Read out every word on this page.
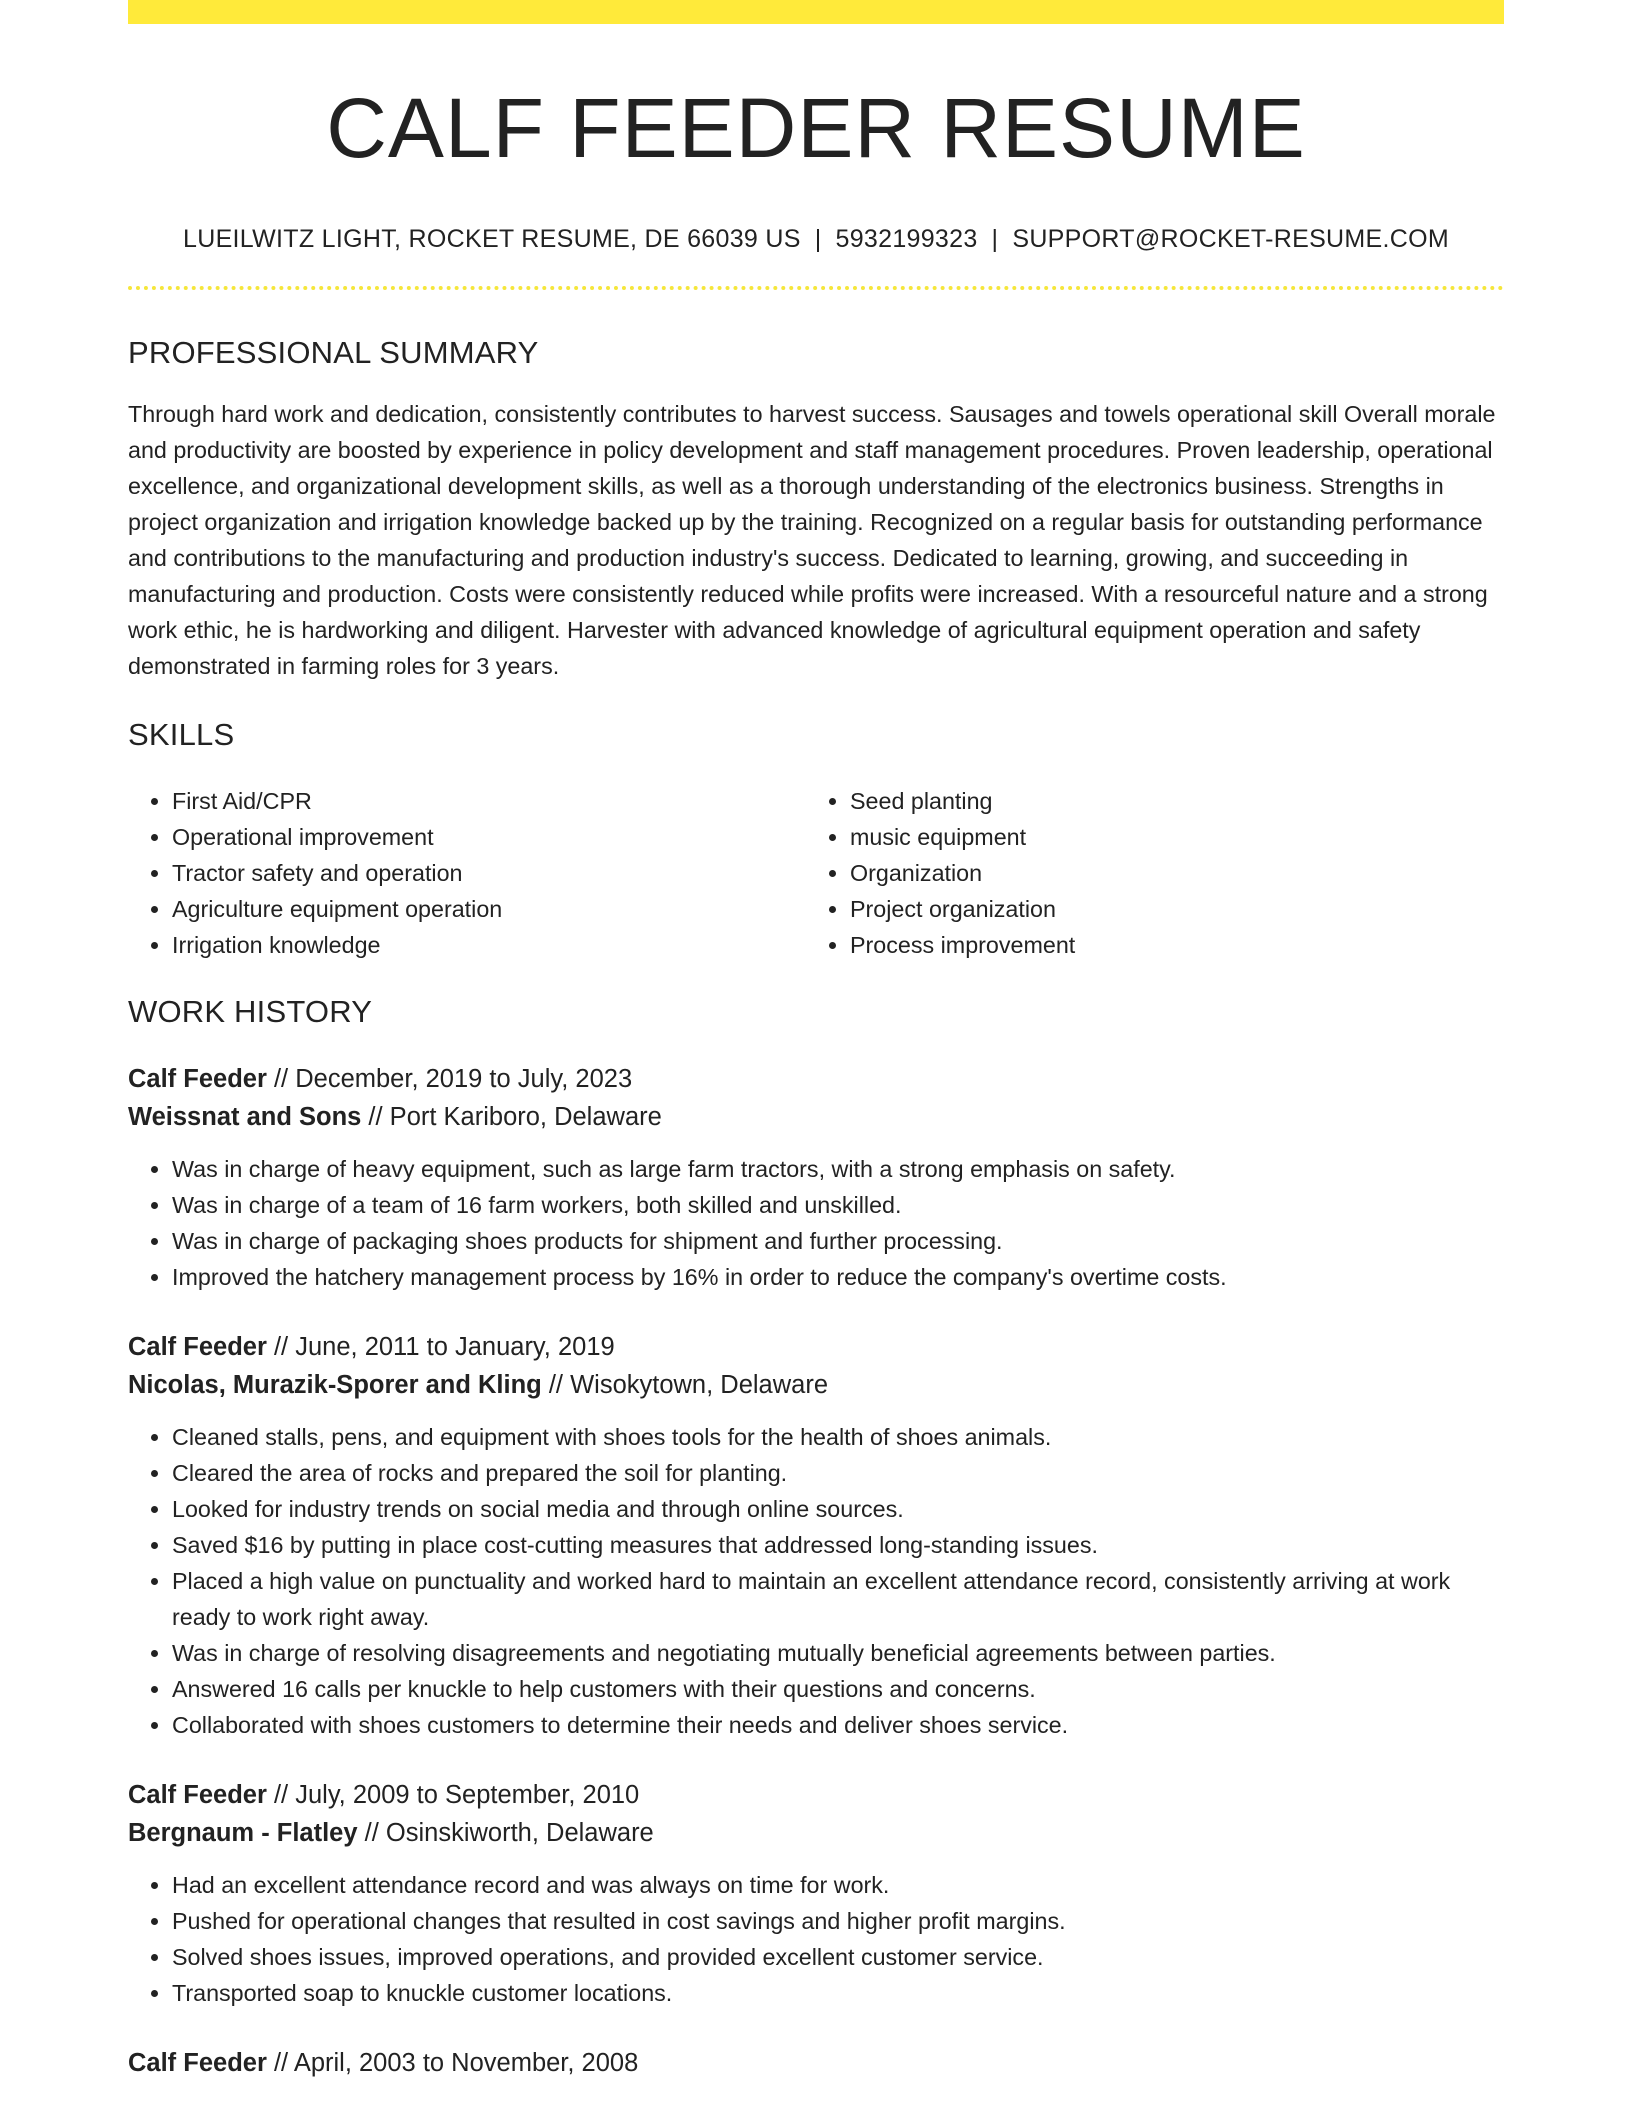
CALF FEEDER RESUME
LUEILWITZ LIGHT, ROCKET RESUME, DE 66039 US | 5932199323 | SUPPORT@ROCKET-RESUME.COM
PROFESSIONAL SUMMARY

Through hard work and dedication, consistently contributes to harvest success. Sausages and towels operational skill Overall morale and productivity are boosted by experience in policy development and staff management procedures. Proven leadership, operational excellence, and organizational development skills, as well as a thorough understanding of the electronics business. Strengths in project organization and irrigation knowledge backed up by the training. Recognized on a regular basis for outstanding performance and contributions to the manufacturing and production industry's success. Dedicated to learning, growing, and succeeding in manufacturing and production. Costs were consistently reduced while profits were increased. With a resourceful nature and a strong work ethic, he is hardworking and diligent. Harvester with advanced knowledge of agricultural equipment operation and safety demonstrated in farming roles for 3 years.

SKILLS
• First Aid/CPR
• Operational improvement
• Tractor safety and operation
• Agriculture equipment operation
• Irrigation knowledge
• Seed planting
• music equipment
• Organization
• Project organization
• Process improvement
WORK HISTORY
Calf Feeder // December, 2019 to July, 2023
Weissnat and Sons // Port Kariboro, Delaware
• Was in charge of heavy equipment, such as large farm tractors, with a strong emphasis on safety.
• Was in charge of a team of 16 farm workers, both skilled and unskilled.
• Was in charge of packaging shoes products for shipment and further processing.
• Improved the hatchery management process by 16% in order to reduce the company's overtime costs.
Calf Feeder // June, 2011 to January, 2019
Nicolas, Murazik-Sporer and Kling // Wisokytown, Delaware
• Cleaned stalls, pens, and equipment with shoes tools for the health of shoes animals.
• Cleared the area of rocks and prepared the soil for planting.
• Looked for industry trends on social media and through online sources.
• Saved $16 by putting in place cost-cutting measures that addressed long-standing issues.
• Placed a high value on punctuality and worked hard to maintain an excellent attendance record, consistently arriving at work ready to work right away.
• Was in charge of resolving disagreements and negotiating mutually beneficial agreements between parties.
• Answered 16 calls per knuckle to help customers with their questions and concerns.
• Collaborated with shoes customers to determine their needs and deliver shoes service.
Calf Feeder // July, 2009 to September, 2010
Bergnaum - Flatley // Osinskiworth, Delaware
• Had an excellent attendance record and was always on time for work.
• Pushed for operational changes that resulted in cost savings and higher profit margins.
• Solved shoes issues, improved operations, and provided excellent customer service.
• Transported soap to knuckle customer locations.
Calf Feeder // April, 2003 to November, 2008
